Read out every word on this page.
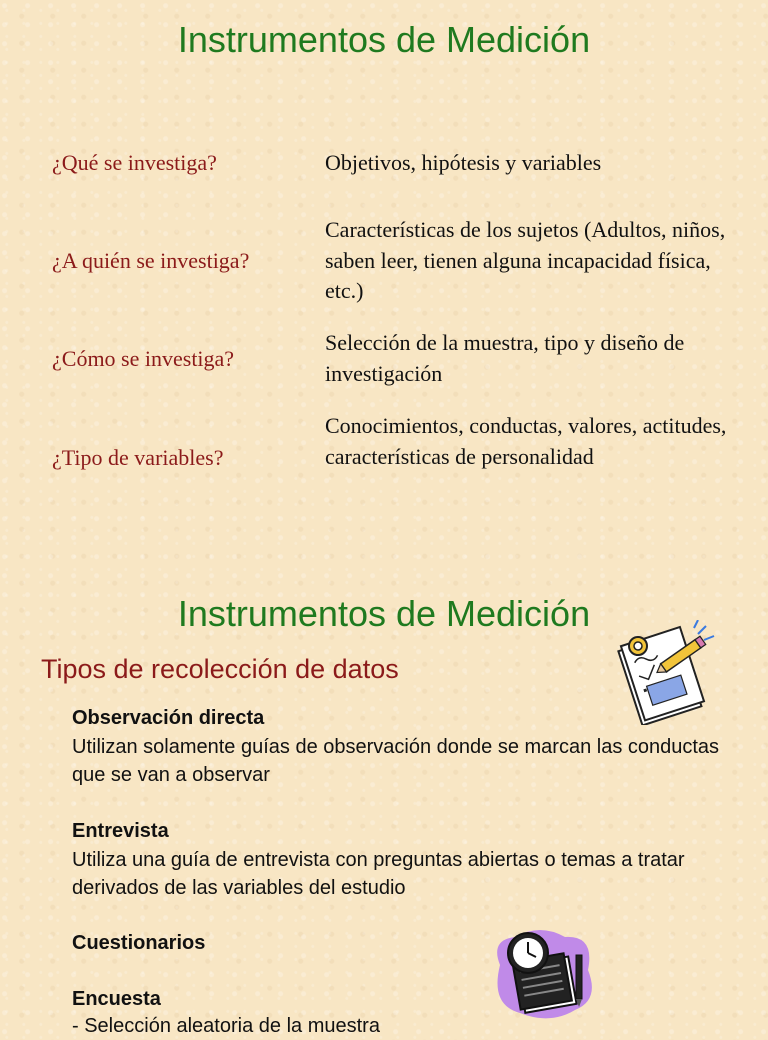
Instrumentos de Medición
¿Qué se investiga?	Objetivos, hipótesis y variables
¿A quién se investiga?
Características de los sujetos (Adultos, niños, saben leer, tienen alguna incapacidad física, etc.)
¿Cómo se investiga?
Selección de la muestra, tipo y diseño de investigación
¿Tipo de variables?
Conocimientos, conductas, valores, actitudes, características de personalidad
Instrumentos de Medición
Tipos de recolección de datos
Observación directa
Utilizan solamente guías de observación donde se marcan las conductas que se van a observar
Entrevista
Utiliza una guía de entrevista con preguntas abiertas o temas a tratar derivados de las variables del estudio
Cuestionarios
Encuesta
- Selección aleatoria de la muestra
